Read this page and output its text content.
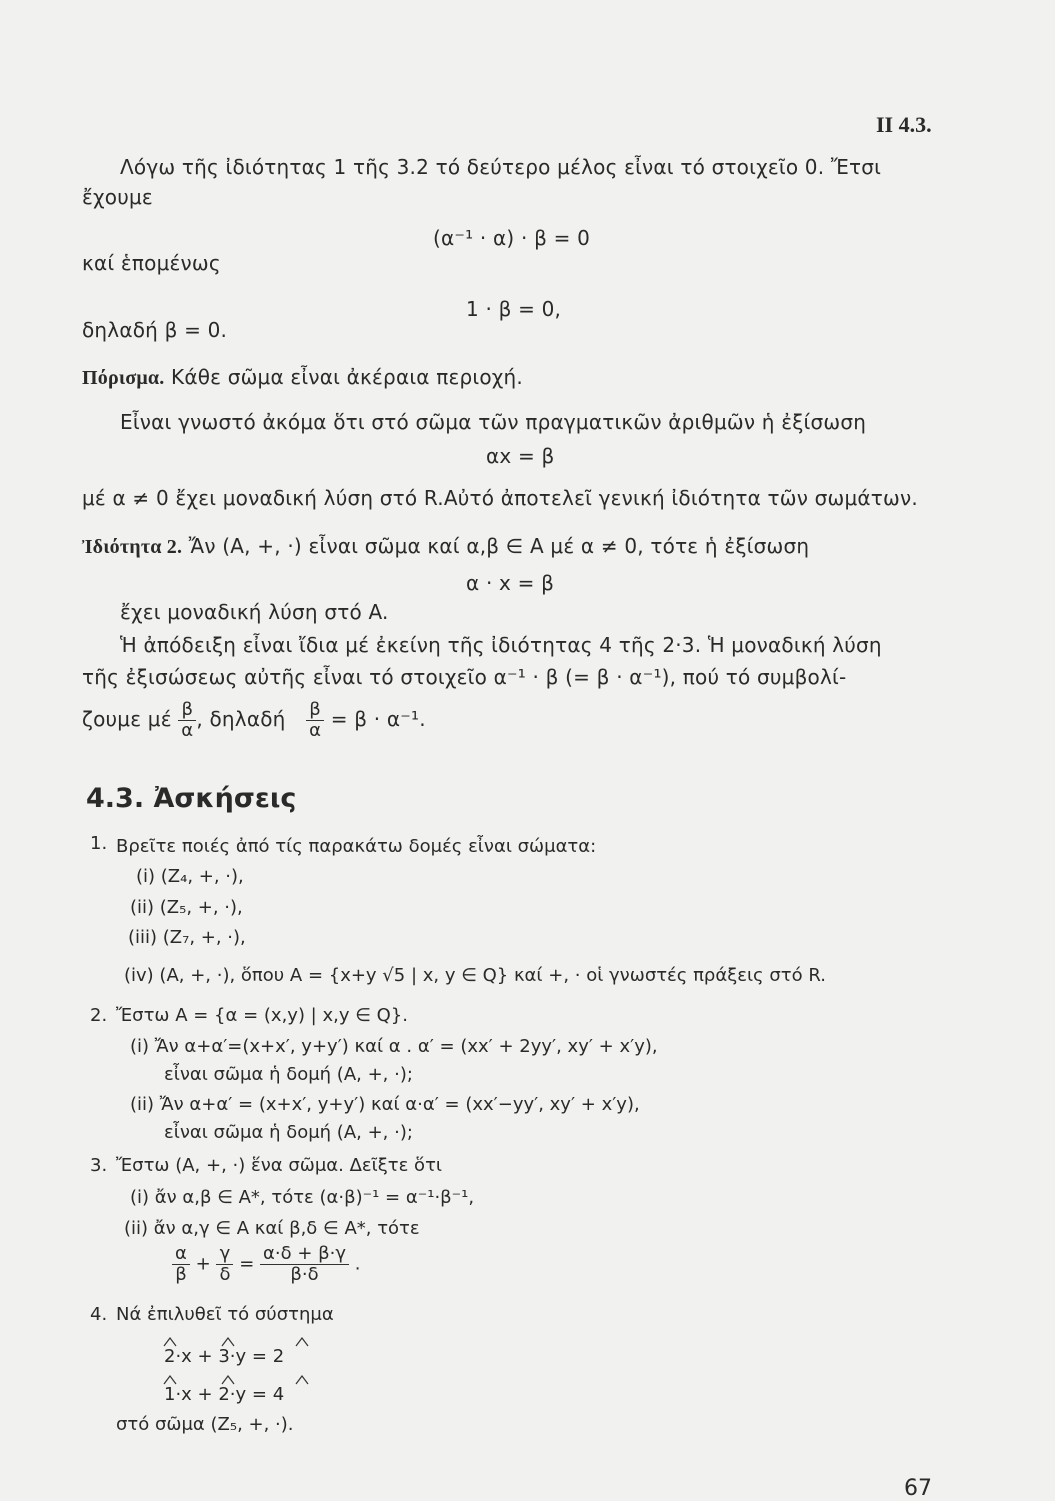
II 4.3.
Λόγω τῆς ἰδιότητας 1 τῆς 3.2 τό δεύτερο μέλος εἶναι τό στοιχεῖο 0. Ἔτσι
ἔχουμε
(α⁻¹ · α) · β = 0
καί ἑπομένως
1 · β = 0,
δηλαδή β = 0.
Πόρισμα. Κάθε σῶμα εἶναι ἀκέραια περιοχή.
Εἶναι γνωστό ἀκόμα ὅτι στό σῶμα τῶν πραγματικῶν ἀριθμῶν ἡ ἐξίσωση
αx = β
μέ α ≠ 0 ἔχει μοναδική λύση στό R.Αὐτό ἀποτελεῖ γενική ἰδιότητα τῶν σωμάτων.
Ἰδιότητα 2. Ἄν (A, +, ·) εἶναι σῶμα καί α,β ∈ A μέ α ≠ 0, τότε ἡ ἐξίσωση
α · x = β
ἔχει μοναδική λύση στό A.
Ἡ ἀπόδειξη εἶναι ἴδια μέ ἐκείνη τῆς ἰδιότητας 4 τῆς 2·3. Ἡ μοναδική λύση
τῆς ἐξισώσεως αὐτῆς εἶναι τό στοιχεῖο α⁻¹ · β (= β · α⁻¹), πού τό συμβολί-
ζουμε μέ $\frac{\beta}{\alpha}$ , δηλαδή $\frac{\beta}{\alpha} = \beta \cdot \alpha^{-1}$.
4.3. Ἀσκήσεις
1. Βρεῖτε ποιές ἀπό τίς παρακάτω δομές εἶναι σώματα:
(i) (Z₄, +, ·),
(ii) (Z₅, +, ·),
(iii) (Z₇, +, ·),
(iv) (A, +, ·), ὅπου A = {x+y √5 | x, y ∈ Q} καί +, · οἱ γνωστές πράξεις στό R.
2. Ἔστω A = {α = (x,y) | x,y ∈ Q}.
(i) Ἄν α+α′=(x+x′, y+y′) καί α . α′ = (xx′ + 2yy′, xy′ + x′y),
εἶναι σῶμα ἡ δομή (A, +, ·);
(ii) Ἄν α+α′ = (x+x′, y+y′) καί α·α′ = (xx′−yy′, xy′ + x′y),
εἶναι σῶμα ἡ δομή (A, +, ·);
3. Ἔστω (A, +, ·) ἕνα σῶμα. Δεῖξτε ὅτι
(i) ἄν α,β ∈ A*, τότε (α·β)⁻¹ = α⁻¹·β⁻¹,
(ii) ἄν α,γ ∈ A καί β,δ ∈ A*, τότε
$\frac{\alpha}{\beta} + \frac{\gamma}{\delta} = \frac{\alpha\cdot\delta + \beta\cdot\gamma}{\beta\cdot\delta}$ .
4. Νά ἐπιλυθεῖ τό σύστημα
2·x + 3·y = 2
1·x + 2·y = 4
στό σῶμα (Z₅, +, ·).
67
